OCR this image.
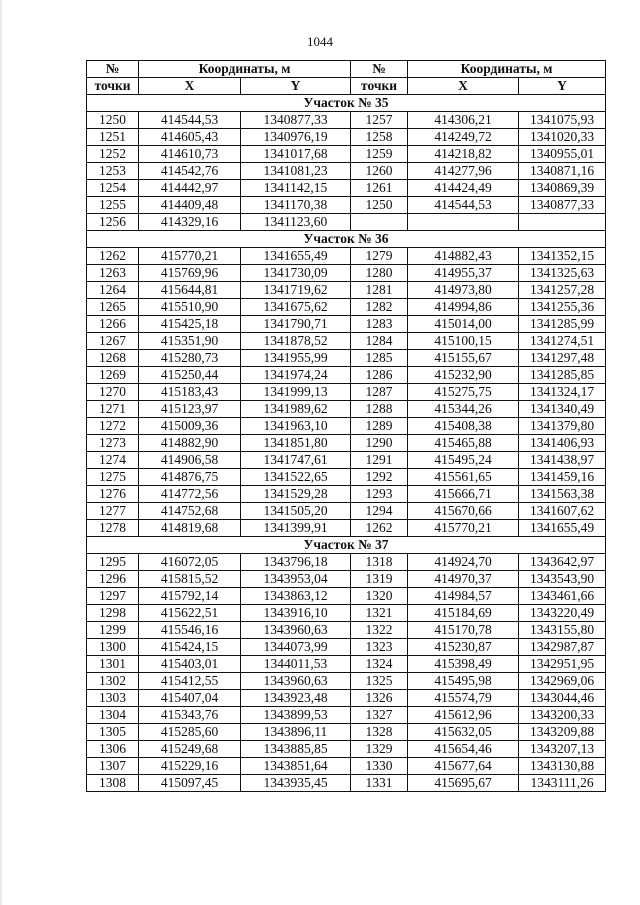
1044
№	Координаты, м		№	Координаты, м	
точки	X	Y	точки	X	Y
Участок № 35					
1250	414544,53	1340877,33	1257	414306,21	1341075,93
1251	414605,43	1340976,19	1258	414249,72	1341020,33
1252	414610,73	1341017,68	1259	414218,82	1340955,01
1253	414542,76	1341081,23	1260	414277,96	1340871,16
1254	414442,97	1341142,15	1261	414424,49	1340869,39
1255	414409,48	1341170,38	1250	414544,53	1340877,33
1256	414329,16	1341123,60			
Участок № 36					
1262	415770,21	1341655,49	1279	414882,43	1341352,15
1263	415769,96	1341730,09	1280	414955,37	1341325,63
1264	415644,81	1341719,62	1281	414973,80	1341257,28
1265	415510,90	1341675,62	1282	414994,86	1341255,36
1266	415425,18	1341790,71	1283	415014,00	1341285,99
1267	415351,90	1341878,52	1284	415100,15	1341274,51
1268	415280,73	1341955,99	1285	415155,67	1341297,48
1269	415250,44	1341974,24	1286	415232,90	1341285,85
1270	415183,43	1341999,13	1287	415275,75	1341324,17
1271	415123,97	1341989,62	1288	415344,26	1341340,49
1272	415009,36	1341963,10	1289	415408,38	1341379,80
1273	414882,90	1341851,80	1290	415465,88	1341406,93
1274	414906,58	1341747,61	1291	415495,24	1341438,97
1275	414876,75	1341522,65	1292	415561,65	1341459,16
1276	414772,56	1341529,28	1293	415666,71	1341563,38
1277	414752,68	1341505,20	1294	415670,66	1341607,62
1278	414819,68	1341399,91	1262	415770,21	1341655,49
Участок № 37					
1295	416072,05	1343796,18	1318	414924,70	1343642,97
1296	415815,52	1343953,04	1319	414970,37	1343543,90
1297	415792,14	1343863,12	1320	414984,57	1343461,66
1298	415622,51	1343916,10	1321	415184,69	1343220,49
1299	415546,16	1343960,63	1322	415170,78	1343155,80
1300	415424,15	1344073,99	1323	415230,87	1342987,87
1301	415403,01	1344011,53	1324	415398,49	1342951,95
1302	415412,55	1343960,63	1325	415495,98	1342969,06
1303	415407,04	1343923,48	1326	415574,79	1343044,46
1304	415343,76	1343899,53	1327	415612,96	1343200,33
1305	415285,60	1343896,11	1328	415632,05	1343209,88
1306	415249,68	1343885,85	1329	415654,46	1343207,13
1307	415229,16	1343851,64	1330	415677,64	1343130,88
1308	415097,45	1343935,45	1331	415695,67	1343111,26
